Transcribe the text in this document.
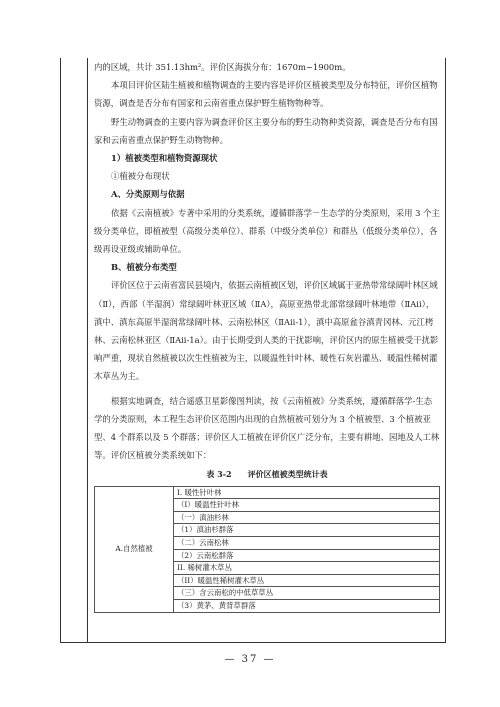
内的区域，共计 351.13hm²。评价区海拔分布：1670m~1900m。

本项目评价区陆生植被和植物调查的主要内容是评价区植被类型及分布特征，评价区植物资源，调查是否分布有国家和云南省重点保护野生植物物种等。

野生动物调查的主要内容为调查评价区主要分布的野生动物种类资源，调查是否分布有国家和云南省重点保护野生动物物种。

1）植被类型和植物资源现状

①植被分布现状

A、分类原则与依据

依据《云南植被》专著中采用的分类系统，遵循群落学－生态学的分类原则，采用 3 个主级分类单位，即植被型（高级分类单位）、群系（中级分类单位）和群丛（低级分类单位），各级再设亚级或辅助单位。

B、植被分布类型

评价区位于云南省富民县境内，依据云南植被区划，评价区域属于亚热带常绿阔叶林区域（Ⅱ），西部（半湿润）常绿阔叶林亚区域（ⅡA），高原亚热带北部常绿阔叶林地带（ⅡAii），滇中、滇东高原半湿润常绿阔叶林、云南松林区（ⅡAii-1），滇中高原盆谷滇青冈林、元江栲林、云南松林亚区（ⅡAii-1a）。由于长期受到人类的干扰影响，评价区内的原生植被受干扰影响严重，现状自然植被以次生性植被为主，以暖温性针叶林、暖性石灰岩灌丛、暖温性稀树灌木草丛为主。

根据实地调查，结合遥感卫星影像图判读，按《云南植被》分类系统，遵循群落学-生态学的分类原则，本工程生态评价区范围内出现的自然植被可划分为 3 个植被型、3 个植被亚型、4 个群系以及 5 个群落；评价区人工植被在评价区广泛分布，主要有耕地、园地及人工林等。评价区植被分类系统如下：

表 3-2　　评价区植被类型统计表
A.自然植被	Ⅰ. 暖性针叶林
（Ⅰ）暖温性针叶林
（一）滇油杉林
（1）滇油杉群落
（二）云南松林
（2）云南松群落
II. 稀树灌木草丛
（II）暖温性稀树灌木草丛
（三）含云南松的中低草草丛
（3）黄茅、黄背草群落
— 37 —
